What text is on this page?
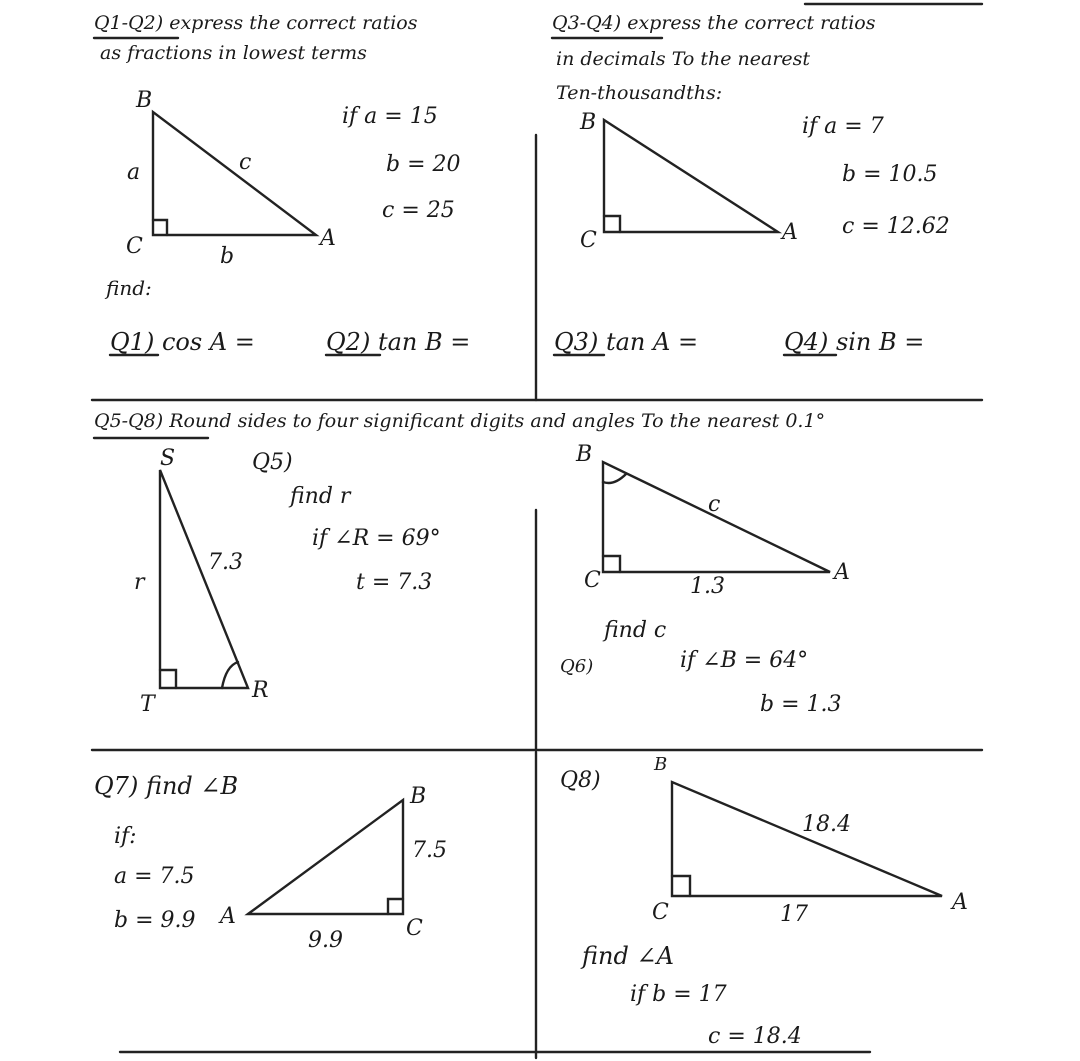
Q1-Q2) express the correct ratios
as fractions in lowest terms
B
a	c
C	A
b
if a = 15
b = 20
c = 25
find:
Q1) cos A =	Q2) tan B =
Q3-Q4) express the correct ratios
in decimals To the nearest
Ten-thousandths:
B
C	A
if a = 7
b = 10.5
c = 12.62
Q3) tan A =	Q4) sin B =
Q5-Q8) Round sides to four significant digits and angles To the nearest 0.1°
Q5)
find r
if ∠R = 69°
t = 7.3
S
r
7.3
T
R
B
c
C	1.3
A
find c
Q6)	if ∠B = 64°
b = 1.3
Q7) find ∠B
if:
a = 7.5
b = 9.9 A
B
7.5
C
9.9
Q8)
B
18.4
C	17	A
find ∠A
if b = 17
c = 18.4
